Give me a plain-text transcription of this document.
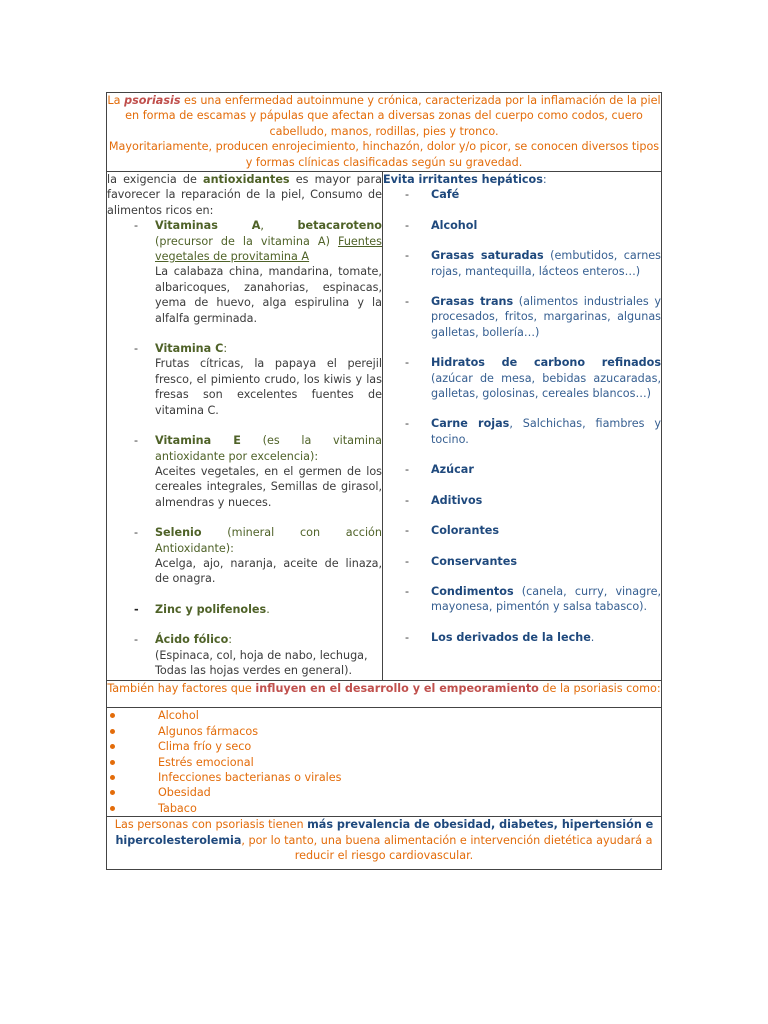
La psoriasis es una enfermedad autoinmune y crónica, caracterizada por la inflamación de la piel en forma de escamas y pápulas que afectan a diversas zonas del cuerpo como codos, cuero cabelludo, manos, rodillas, pies y tronco.
Mayoritariamente, producen enrojecimiento, hinchazón, dolor y/o picor, se conocen diversos tipos y formas clínicas clasificadas según su gravedad.

la exigencia de antioxidantes es mayor para favorecer la reparación de la piel, Consumo de alimentos ricos en:
- Vitaminas A, betacaroteno (precursor de la vitamina A) Fuentes vegetales de provitamina A
La calabaza china, mandarina, tomate, albaricoques, zanahorias, espinacas, yema de huevo, alga espirulina y la alfalfa germinada.
- Vitamina C:
Frutas cítricas, la papaya el perejil fresco, el pimiento crudo, los kiwis y las fresas son excelentes fuentes de vitamina C.
- Vitamina E (es la vitamina antioxidante por excelencia):
Aceites vegetales, en el germen de los cereales integrales, Semillas de girasol, almendras y nueces.
- Selenio (mineral con acción Antioxidante):
Acelga, ajo, naranja, aceite de linaza, de onagra.
- Zinc y polifenoles.
- Ácido fólico:
(Espinaca, col, hoja de nabo, lechuga, Todas las hojas verdes en general).

Evita irritantes hepáticos:
- Café
- Alcohol
- Grasas saturadas (embutidos, carnes rojas, mantequilla, lácteos enteros…)
- Grasas trans (alimentos industriales y procesados, fritos, margarinas, algunas galletas, bollería…)
- Hidratos de carbono refinados (azúcar de mesa, bebidas azucaradas, galletas, golosinas, cereales blancos…)
- Carne rojas, Salchichas, fiambres y tocino.
- Azúcar
- Aditivos
- Colorantes
- Conservantes
- Condimentos (canela, curry, vinagre, mayonesa, pimentón y salsa tabasco).
- Los derivados de la leche.

También hay factores que influyen en el desarrollo y el empeoramiento de la psoriasis como:

Alcohol
Algunos fármacos
Clima frío y seco
Estrés emocional
Infecciones bacterianas o virales
Obesidad
Tabaco

Las personas con psoriasis tienen más prevalencia de obesidad, diabetes, hipertensión e hipercolesterolemia, por lo tanto, una buena alimentación e intervención dietética ayudará a reducir el riesgo cardiovascular.
